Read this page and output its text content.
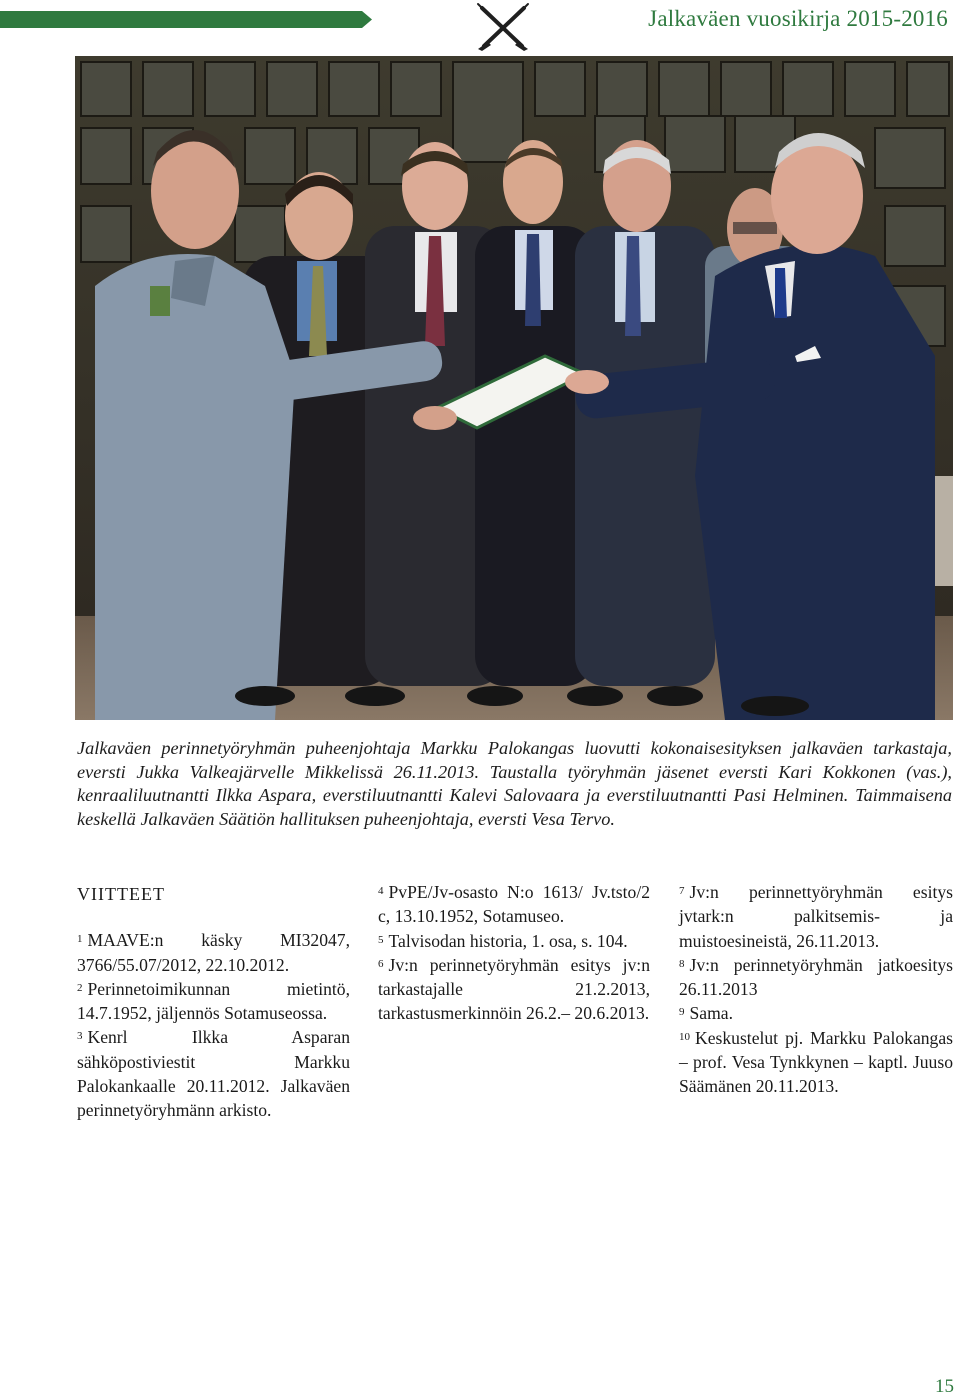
Jalkaväen vuosikirja 2015-2016
Jalkaväen perinnetyöryhmän puheenjohtaja Markku Palokangas luovutti kokonaisesityksen jalkaväen tarkastaja, eversti Jukka Valkeajärvelle Mikkelissä 26.11.2013. Taustalla työryhmän jäsenet eversti Kari Kokkonen (vas.), kenraaliluutnantti Ilkka Aspara, everstiluutnantti Kalevi Salovaara ja everstiluutnantti Pasi Helminen. Taimmaisena keskellä Jalkaväen Säätiön hallituksen puheenjohtaja, eversti Vesa Tervo.
VIITTEET

$^1$ MAAVE:n käsky MI32047, 3766/55.07/2012, 22.10.2012.

$^2$ Perinnetoimikunnan mietintö, 14.7.1952, jäljennös Sotamuseossa.

$^3$ Kenrl Ilkka Asparan sähköpostiviestit Markku Palokankaalle 20.11.2012. Jalkaväen perinnetyöryhmänn arkisto.

$^4$ PvPE/Jv-osasto N:o 1613/ Jv.tsto/2 c, 13.10.1952, Sotamuseo.

$^5$ Talvisodan historia, 1. osa, s. 104.

$^6$ Jv:n perinnetyöryhmän esitys jv:n tarkastajalle 21.2.2013, tarkastusmerkinnöin 26.2.– 20.6.2013.

$^7$ Jv:n perinnettyöryhmän esitys jvtark:n palkitsemis- ja muistoesineistä, 26.11.2013.

$^8$ Jv:n perinnetyöryhmän jatkoesitys 26.11.2013

$^9$ Sama.

$^{10}$ Keskustelut pj. Markku Palokangas – prof. Vesa Tynkkynen – kaptl. Juuso Säämänen 20.11.2013.

15
